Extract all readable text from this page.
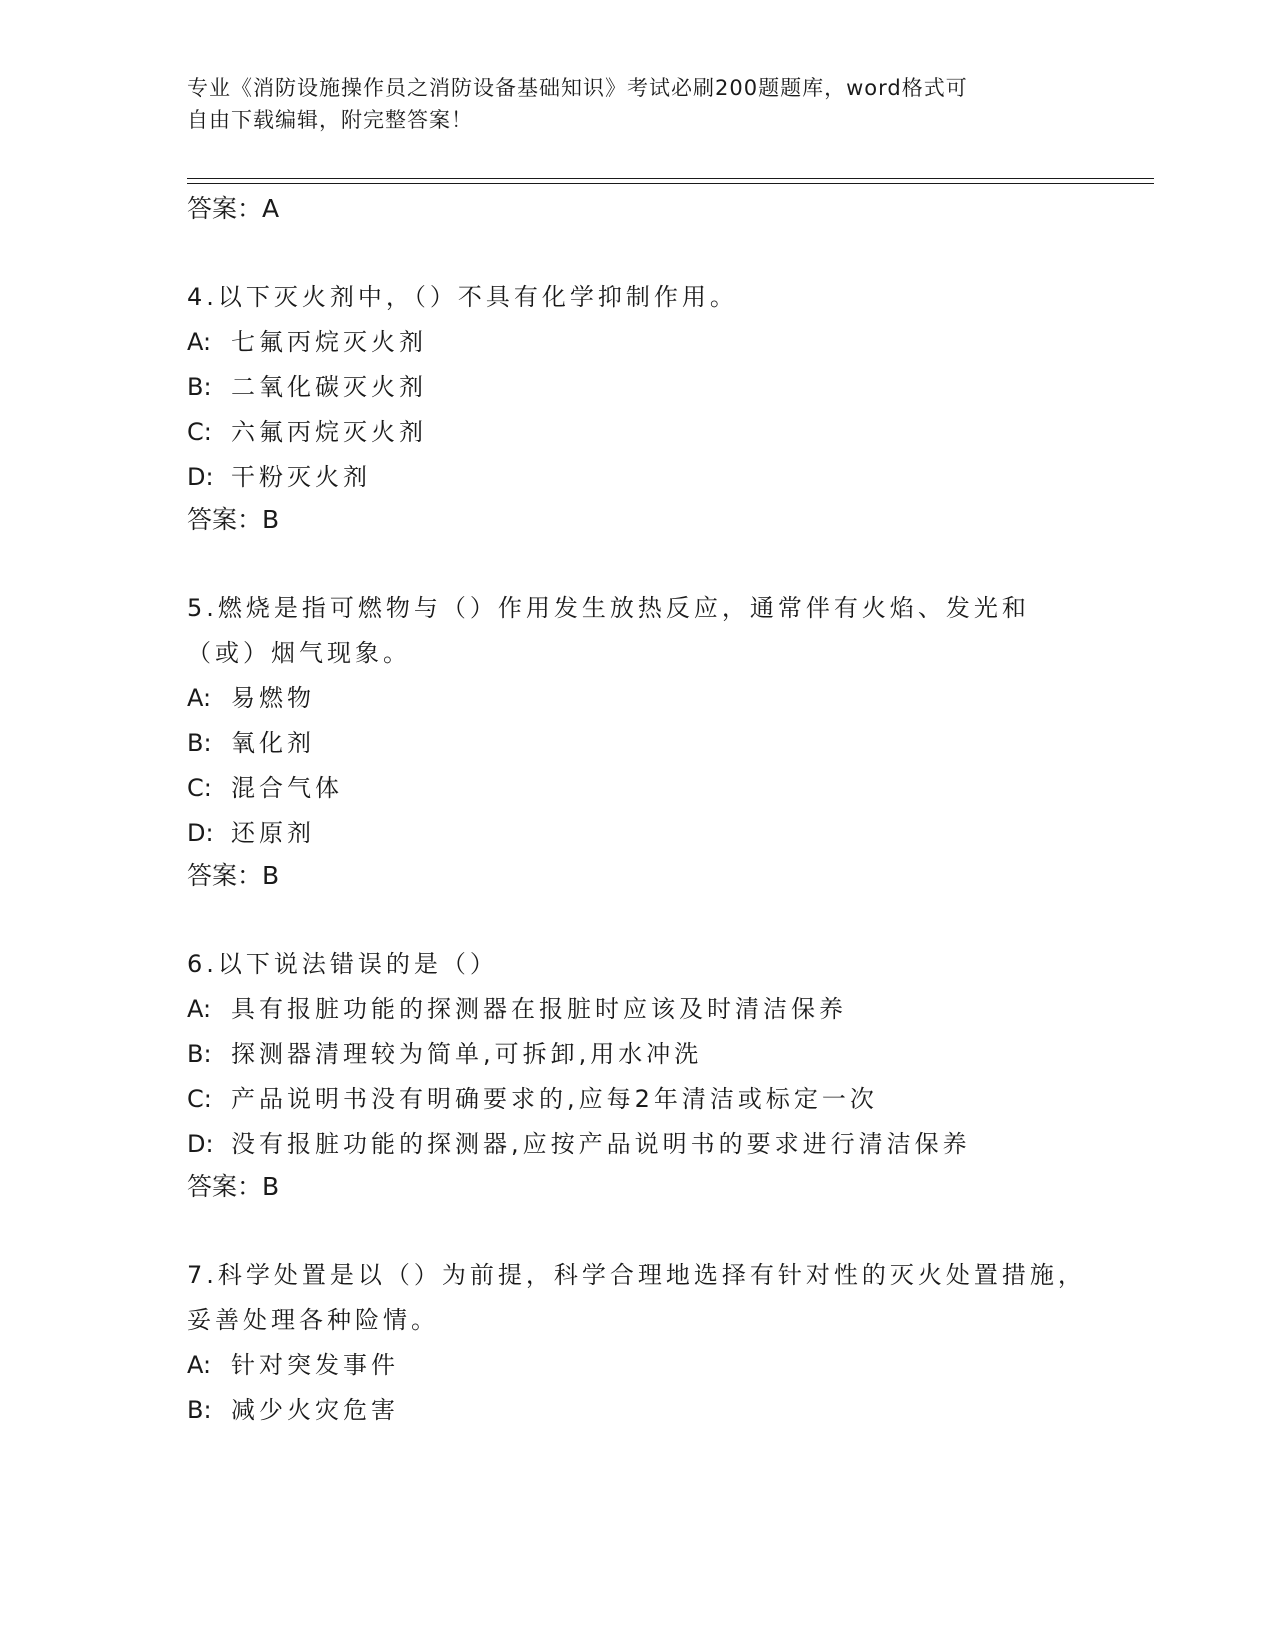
专业《消防设施操作员之消防设备基础知识》考试必刷200题题库，word格式可
自由下载编辑，附完整答案！
答案：A
4.以下灭火剂中，（）不具有化学抑制作用。
A: 七氟丙烷灭火剂
B: 二氧化碳灭火剂
C: 六氟丙烷灭火剂
D: 干粉灭火剂
答案：B
5.燃烧是指可燃物与（）作用发生放热反应，通常伴有火焰、发光和（或）烟气现象。
A: 易燃物
B: 氧化剂
C: 混合气体
D: 还原剂
答案：B
6.以下说法错误的是（）
A: 具有报脏功能的探测器在报脏时应该及时清洁保养
B: 探测器清理较为简单,可拆卸,用水冲洗
C: 产品说明书没有明确要求的,应每2年清洁或标定一次
D: 没有报脏功能的探测器,应按产品说明书的要求进行清洁保养
答案：B
7.科学处置是以（）为前提，科学合理地选择有针对性的灭火处置措施，妥善处理各种险情。
A: 针对突发事件
B: 减少火灾危害
